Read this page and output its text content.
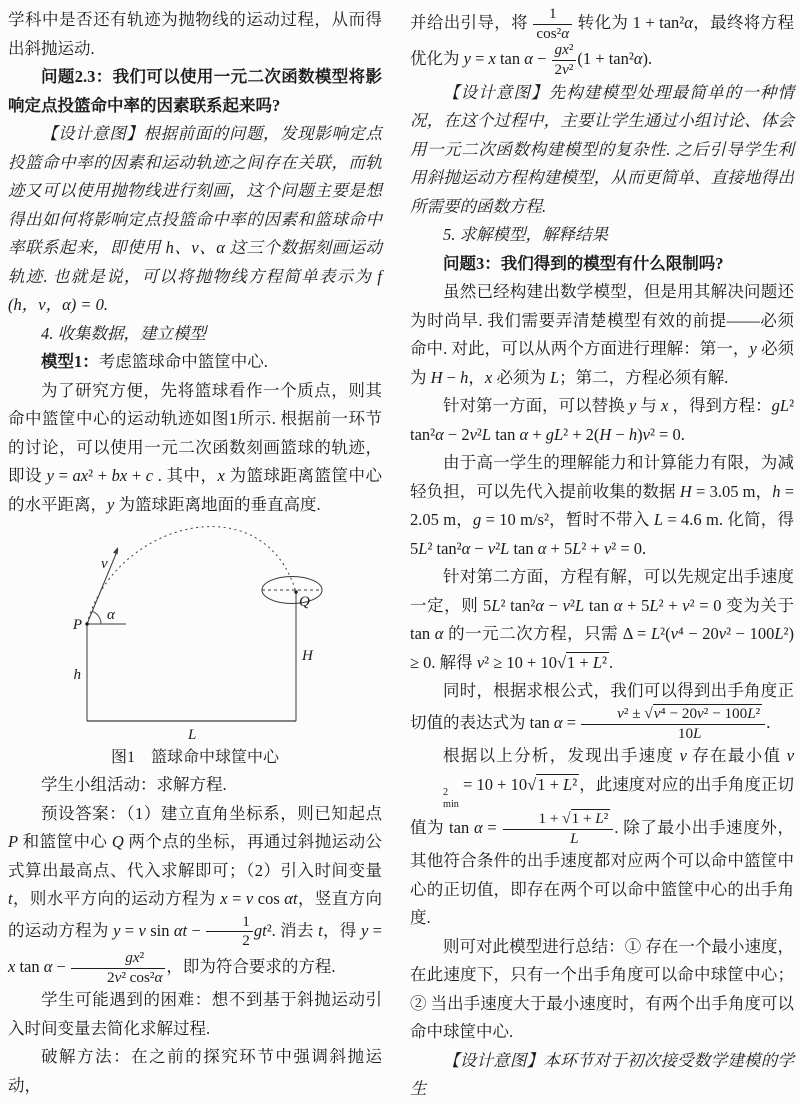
学科中是否还有轨迹为抛物线的运动过程，从而得出斜抛运动.

问题2.3：我们可以使用一元二次函数模型将影响定点投篮命中率的因素联系起来吗?

【设计意图】根据前面的问题，发现影响定点投篮命中率的因素和运动轨迹之间存在关联，而轨迹又可以使用抛物线进行刻画，这个问题主要是想得出如何将影响定点投篮命中率的因素和篮球命中率联系起来，即使用 h、v、α 这三个数据刻画运动轨迹. 也就是说，可以将抛物线方程简单表示为 f (h，v，α) = 0.

4. 收集数据，建立模型

模型1：考虑篮球命中篮筐中心.

为了研究方便，先将篮球看作一个质点，则其命中篮筐中心的运动轨迹如图1所示. 根据前一环节的讨论，可以使用一元二次函数刻画篮球的轨迹，即设 y = ax² + bx + c . 其中，x 为篮球距离篮筐中心的水平距离，y 为篮球距离地面的垂直高度.

P
Q
v
α
h
H
L
图1　篮球命中球筐中心

学生小组活动：求解方程.

预设答案：（1）建立直角坐标系，则已知起点 P 和篮筐中心 Q 两个点的坐标，再通过斜抛运动公式算出最高点、代入求解即可；（2）引入时间变量 t，则水平方向的运动方程为 x = v cos αt，竖直方向的运动方程为 y = v $\sin \alpha t - \frac{1}{2} gt^2$. 消去 t，得 y = x $\tan \alpha - \frac{\text{gx²}}{\text{2v² cos²α}}$ ，即为符合要求的方程.

学生可能遇到的困难：想不到基于斜抛运动引入时间变量去简化求解过程.

破解方法：在之前的探究环节中强调斜抛运动，

并给出引导，将 $\frac{1}{\text{cos²α}}$ 转化为 1 + tan²α，最终将方程优化为 y = x $\tan \alpha - \frac{\text{gx²}}{\text{2v²}} (1 + \tan^2\alpha)$.

【设计意图】先构建模型处理最简单的一种情况，在这个过程中，主要让学生通过小组讨论、体会用一元二次函数构建模型的复杂性. 之后引导学生利用斜抛运动方程构建模型，从而更简单、直接地得出所需要的函数方程.

5. 求解模型，解释结果

问题3：我们得到的模型有什么限制吗?

虽然已经构建出数学模型，但是用其解决问题还为时尚早. 我们需要弄清楚模型有效的前提——必须命中. 对此，可以从两个方面进行理解：第一，y 必须为 H − h，x 必须为 L；第二，方程必须有解.

针对第一方面，可以替换 y 与 x ，得到方程：gL² tan²α − 2v²L tan α + gL² + 2(H − h)v² = 0.

由于高一学生的理解能力和计算能力有限，为减轻负担，可以先代入提前收集的数据 H = 3.05 m，h = 2.05 m，g = 10 m/s²，暂时不带入 L = 4.6 m. 化简，得 5L² tan²α − v²L tan α + 5L² + v² = 0.

针对第二方面，方程有解，可以先规定出手速度一定，则 5L² tan²α − v²L tan α + 5L² + v² = 0 变为关于 tan α 的一元二次方程，只需 Δ = L²(v⁴ − 20v² − 100L²) ≥ 0. 解得 v² ≥ 10 + 10√1 + L² .

同时，根据求根公式，我们可以得到出手角度正切值的表达式为 $\tan \alpha = \frac{\text{v² ± √v⁴ − 20v² − 100L²}}{10L}$ .

根据以上分析，发现出手速度 v 存在最小值 v
2
min
= 10 + 10√1 + L² ，此速度对应的出手角度正切值为 $\tan \alpha = \frac{\text{1 + √1 + L²}}{L}$ . 除了最小出手速度外，其他符合条件的出手速度都对应两个可以命中篮筐中心的正切值，即存在两个可以命中篮筐中心的出手角度.

则可对此模型进行总结：① 存在一个最小速度，在此速度下，只有一个出手角度可以命中球筐中心；② 当出手速度大于最小速度时，有两个出手角度可以命中球筐中心.

【设计意图】本环节对于初次接受数学建模的学生
